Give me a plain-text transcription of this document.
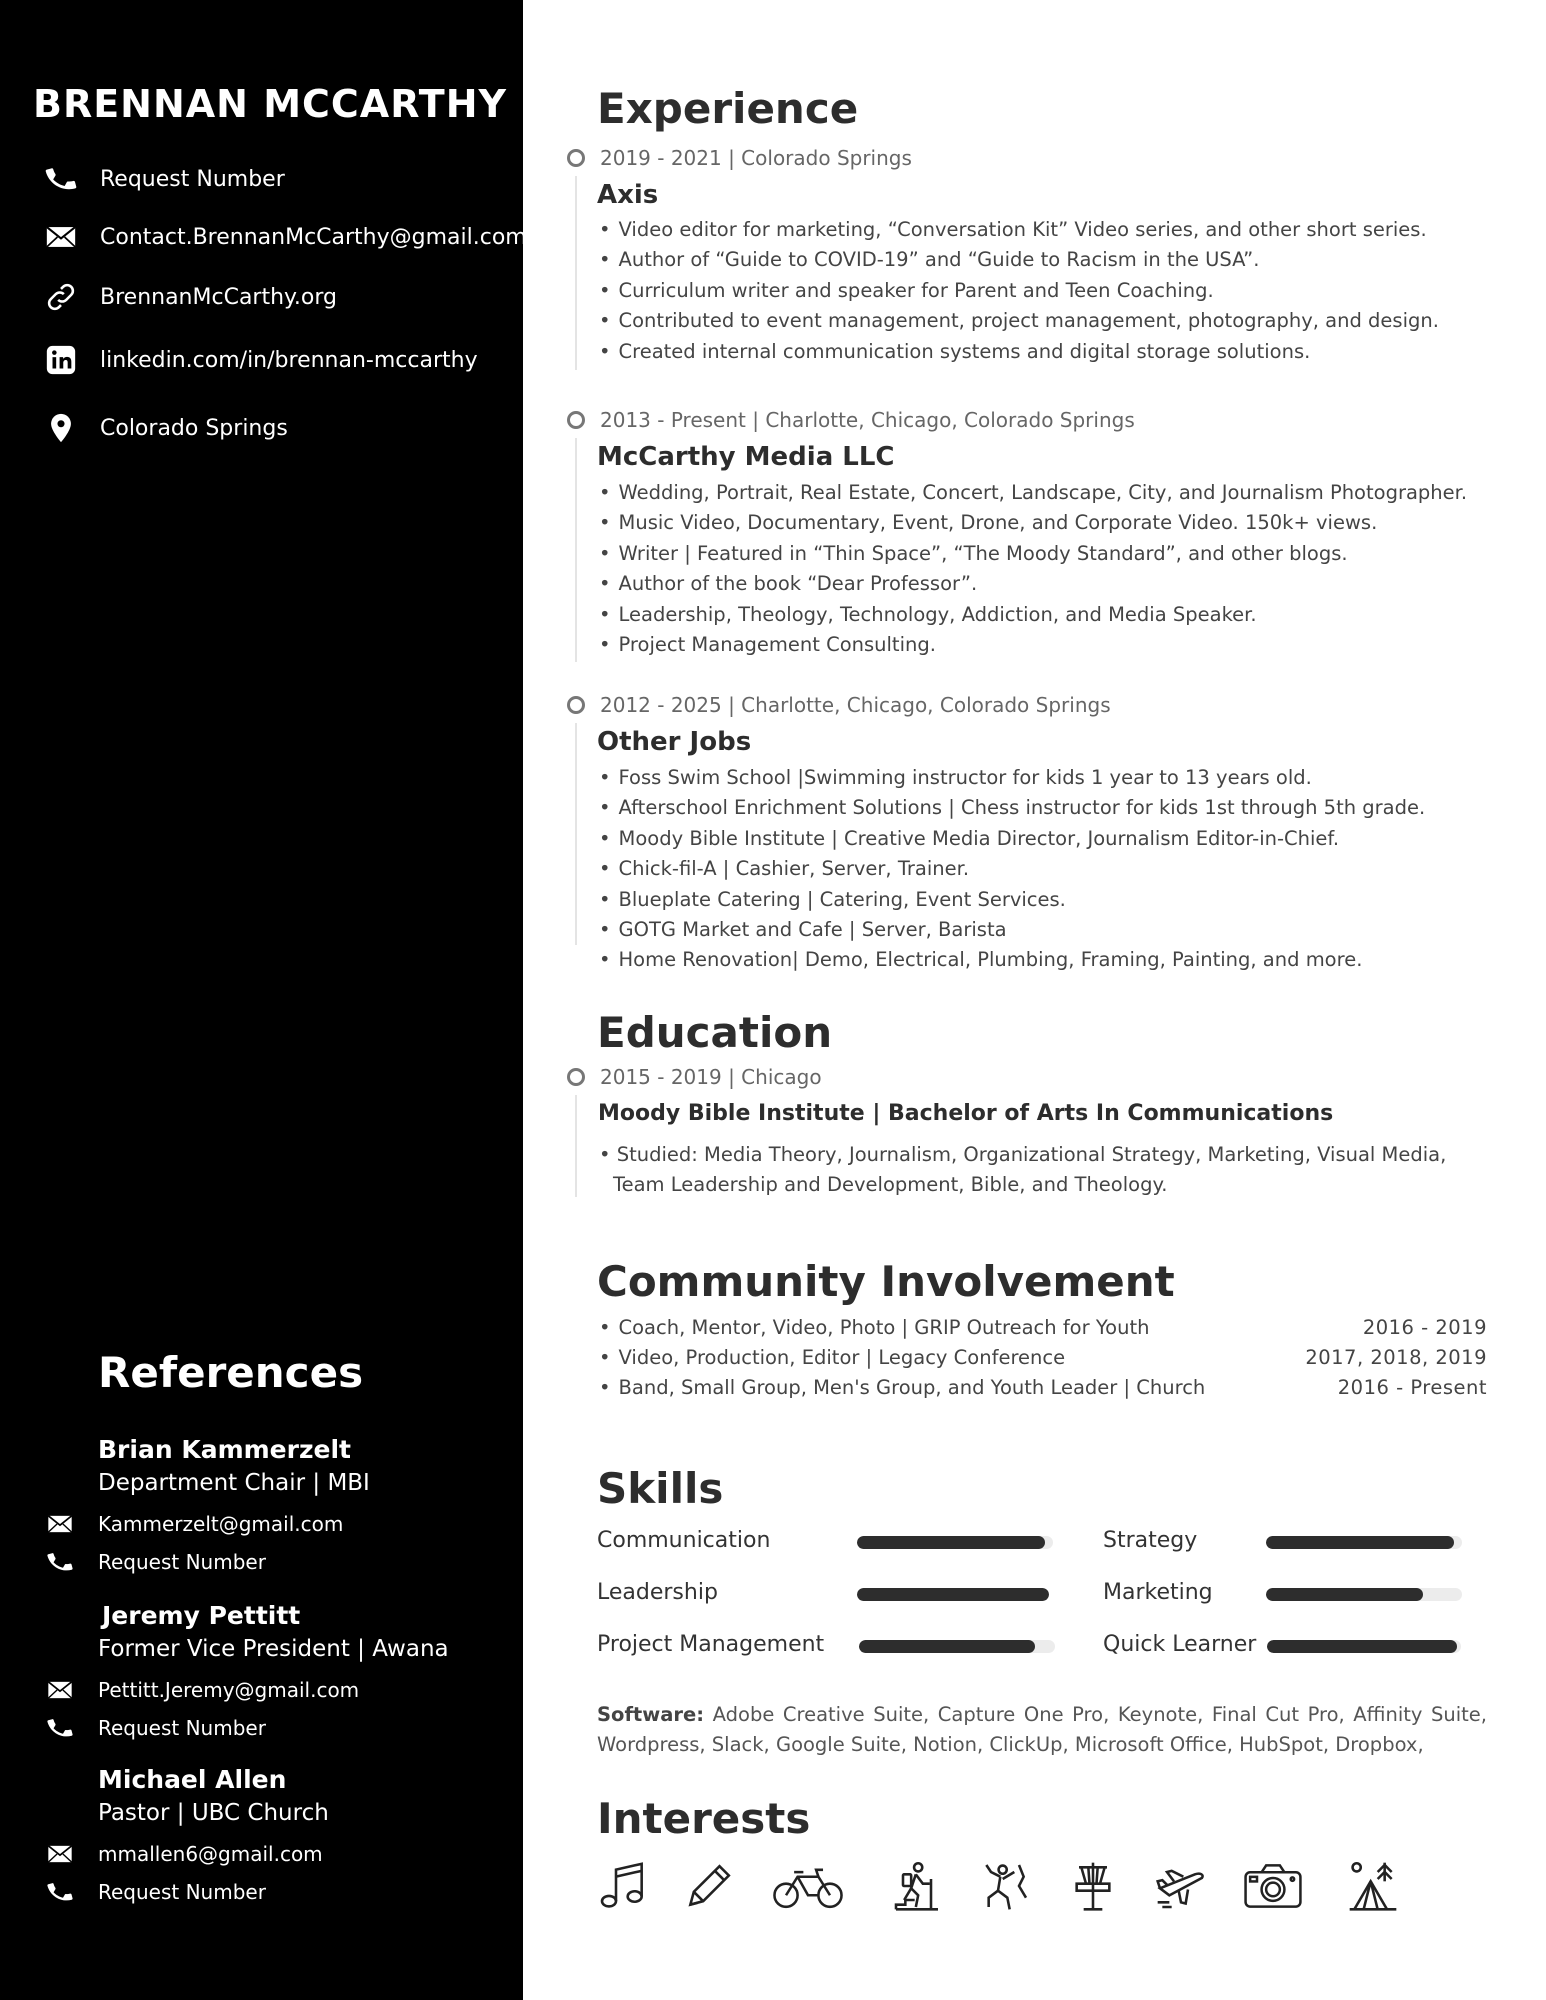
BRENNAN MCCARTHY
Request Number
Contact.BrennanMcCarthy@gmail.com
BrennanMcCarthy.org
linkedin.com/in/brennan-mccarthy
Colorado Springs
References
Brian Kammerzelt
Department Chair | MBI
Kammerzelt@gmail.com
Request Number
Jeremy Pettitt
Former Vice President | Awana
Pettitt.Jeremy@gmail.com
Request Number
Michael Allen
Pastor | UBC Church
mmallen6@gmail.com
Request Number
Experience
2019 - 2021 | Colorado Springs
Axis
• Video editor for marketing, “Conversation Kit” Video series, and other short series.
• Author of “Guide to COVID-19” and “Guide to Racism in the USA”.
• Curriculum writer and speaker for Parent and Teen Coaching.
• Contributed to event management, project management, photography, and design.
• Created internal communication systems and digital storage solutions.
2013 - Present | Charlotte, Chicago, Colorado Springs
McCarthy Media LLC
• Wedding, Portrait, Real Estate, Concert, Landscape, City, and Journalism Photographer.
• Music Video, Documentary, Event, Drone, and Corporate Video. 150k+ views.
• Writer | Featured in “Thin Space”, “The Moody Standard”, and other blogs.
• Author of the book “Dear Professor”.
• Leadership, Theology, Technology, Addiction, and Media Speaker.
• Project Management Consulting.
2012 - 2025 | Charlotte, Chicago, Colorado Springs
Other Jobs
• Foss Swim School |Swimming instructor for kids 1 year to 13 years old.
• Afterschool Enrichment Solutions | Chess instructor for kids 1st through 5th grade.
• Moody Bible Institute | Creative Media Director, Journalism Editor-in-Chief.
• Chick-fil-A | Cashier, Server, Trainer.
• Blueplate Catering | Catering, Event Services.
• GOTG Market and Cafe | Server, Barista
• Home Renovation| Demo, Electrical, Plumbing, Framing, Painting, and more.
Education
2015 - 2019 | Chicago
Moody Bible Institute | Bachelor of Arts In Communications
• Studied: Media Theory, Journalism, Organizational Strategy, Marketing, Visual Media,
Team Leadership and Development, Bible, and Theology.
Community Involvement
• Coach, Mentor, Video, Photo | GRIP Outreach for Youth	2016 - 2019
• Video, Production, Editor | Legacy Conference	2017, 2018, 2019
• Band, Small Group, Men's Group, and Youth Leader | Church	2016 - Present
Skills
Communication	Strategy
Leadership	Marketing
Project Management	Quick Learner
Software: Adobe Creative Suite, Capture One Pro, Keynote, Final Cut Pro, Affinity Suite, Wordpress, Slack, Google Suite, Notion, ClickUp, Microsoft Office, HubSpot, Dropbox,
Interests
